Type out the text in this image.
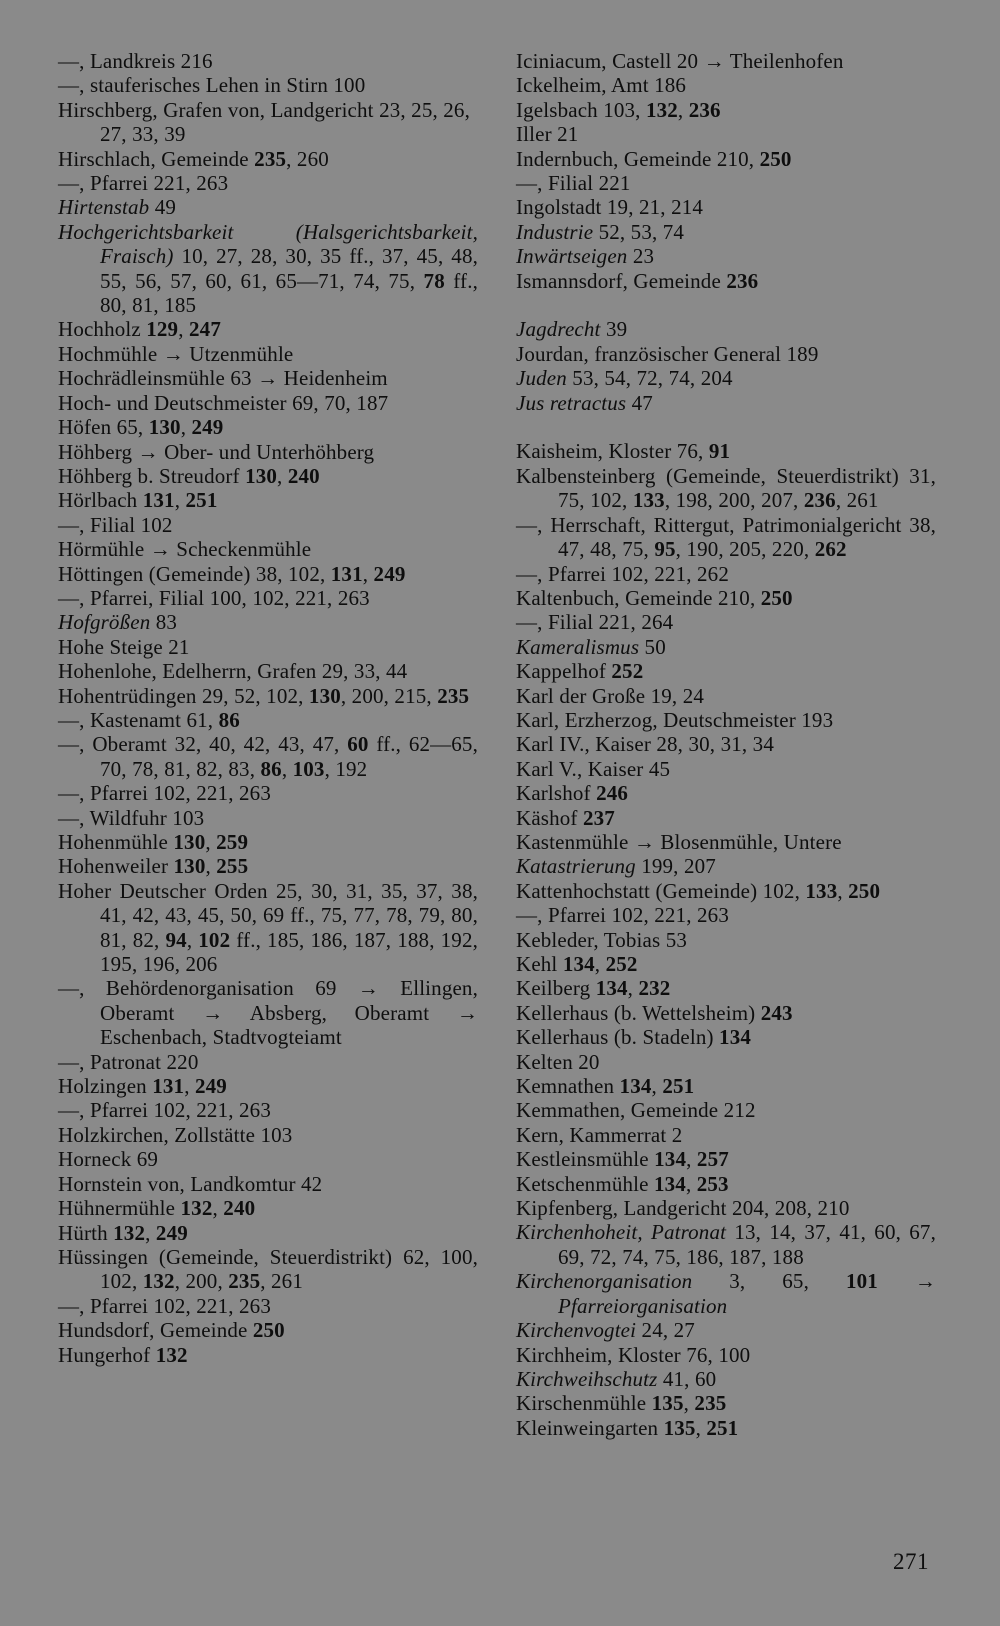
—, Landkreis 216
—, stauferisches Lehen in Stirn 100
Hirschberg, Grafen von, Landgericht 23, 25, 26, 27, 33, 39
Hirschlach, Gemeinde 235, 260
—, Pfarrei 221, 263
Hirtenstab 49
Hochgerichtsbarkeit (Halsgerichtsbarkeit, Fraisch) 10, 27, 28, 30, 35 ff., 37, 45, 48, 55, 56, 57, 60, 61, 65—71, 74, 75, 78 ff., 80, 81, 185
Hochholz 129, 247
Hochmühle → Utzenmühle
Hochrädleinsmühle 63 → Heidenheim
Hoch- und Deutschmeister 69, 70, 187
Höfen 65, 130, 249
Höhberg → Ober- und Unterhöhberg
Höhberg b. Streudorf 130, 240
Hörlbach 131, 251
—, Filial 102
Hörmühle → Scheckenmühle
Höttingen (Gemeinde) 38, 102, 131, 249
—, Pfarrei, Filial 100, 102, 221, 263
Hofgrößen 83
Hohe Steige 21
Hohenlohe, Edelherrn, Grafen 29, 33, 44
Hohentrüdingen 29, 52, 102, 130, 200, 215, 235
—, Kastenamt 61, 86
—, Oberamt 32, 40, 42, 43, 47, 60 ff., 62—65, 70, 78, 81, 82, 83, 86, 103, 192
—, Pfarrei 102, 221, 263
—, Wildfuhr 103
Hohenmühle 130, 259
Hohenweiler 130, 255
Hoher Deutscher Orden 25, 30, 31, 35, 37, 38, 41, 42, 43, 45, 50, 69 ff., 75, 77, 78, 79, 80, 81, 82, 94, 102 ff., 185, 186, 187, 188, 192, 195, 196, 206
—, Behördenorganisation 69 → Ellingen, Oberamt → Absberg, Oberamt → Eschenbach, Stadtvogteiamt
—, Patronat 220
Holzingen 131, 249
—, Pfarrei 102, 221, 263
Holzkirchen, Zollstätte 103
Horneck 69
Hornstein von, Landkomtur 42
Hühnermühle 132, 240
Hürth 132, 249
Hüssingen (Gemeinde, Steuerdistrikt) 62, 100, 102, 132, 200, 235, 261
—, Pfarrei 102, 221, 263
Hundsdorf, Gemeinde 250
Hungerhof 132
Iciniacum, Castell 20 → Theilenhofen
Ickelheim, Amt 186
Igelsbach 103, 132, 236
Iller 21
Indernbuch, Gemeinde 210, 250
—, Filial 221
Ingolstadt 19, 21, 214
Industrie 52, 53, 74
Inwärtseigen 23
Ismannsdorf, Gemeinde 236
Jagdrecht 39
Jourdan, französischer General 189
Juden 53, 54, 72, 74, 204
Jus retractus 47
Kaisheim, Kloster 76, 91
Kalbensteinberg (Gemeinde, Steuerdistrikt) 31, 75, 102, 133, 198, 200, 207, 236, 261
—, Herrschaft, Rittergut, Patrimonialgericht 38, 47, 48, 75, 95, 190, 205, 220, 262
—, Pfarrei 102, 221, 262
Kaltenbuch, Gemeinde 210, 250
—, Filial 221, 264
Kameralismus 50
Kappelhof 252
Karl der Große 19, 24
Karl, Erzherzog, Deutschmeister 193
Karl IV., Kaiser 28, 30, 31, 34
Karl V., Kaiser 45
Karlshof 246
Käshof 237
Kastenmühle → Blosenmühle, Untere
Katastrierung 199, 207
Kattenhochstatt (Gemeinde) 102, 133, 250
—, Pfarrei 102, 221, 263
Kebleder, Tobias 53
Kehl 134, 252
Keilberg 134, 232
Kellerhaus (b. Wettelsheim) 243
Kellerhaus (b. Stadeln) 134
Kelten 20
Kemnathen 134, 251
Kemmathen, Gemeinde 212
Kern, Kammerrat 2
Kestleinsmühle 134, 257
Ketschenmühle 134, 253
Kipfenberg, Landgericht 204, 208, 210
Kirchenhoheit, Patronat 13, 14, 37, 41, 60, 67, 69, 72, 74, 75, 186, 187, 188
Kirchenorganisation 3, 65, 101 → Pfarreiorganisation
Kirchenvogtei 24, 27
Kirchheim, Kloster 76, 100
Kirchweihschutz 41, 60
Kirschenmühle 135, 235
Kleinweingarten 135, 251
271
